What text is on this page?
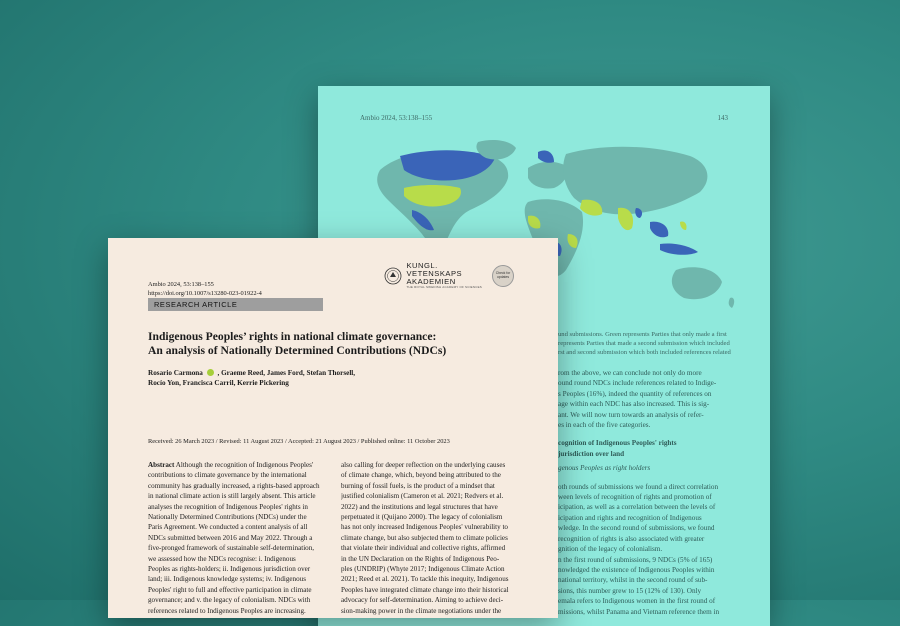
Ambio 2024, 53:138–155	143
und submissions. Green represents Parties that only made a first
represents Parties that made a second submission which included
rst and second submission which both included references related
rom the above, we can conclude not only do more
ound round NDCs include references related to Indige-
s Peoples (16%), indeed the quantity of references on
age within each NDC has also increased. This is sig-
ant. We will now turn towards an analysis of refer-
es in each of the five categories.
cognition of Indigenous Peoples' rights
jurisdiction over land
genous Peoples as right holders
oth rounds of submissions we found a direct correlation
ween levels of recognition of rights and promotion of
icipation, as well as a correlation between the levels of
icipation and rights and recognition of Indigenous
wledge. In the second round of submissions, we found
recognition of rights is also associated with greater
gnition of the legacy of colonialism.
n the first round of submissions, 9 NDCs (5% of 165)
nowledged the existence of Indigenous Peoples within
national territory, whilst in the second round of sub-
sions, this number grew to 15 (12% of 130). Only
emala refers to Indigenous women in the first round of
missions, whilst Panama and Vietnam reference them in
Ambio 2024, 53:138–155
https://doi.org/10.1007/s13280-023-01922-4
KUNGL.
VETENSKAPS
AKADEMIEN
THE ROYAL SWEDISH ACADEMY OF SCIENCES
Check for
updates
RESEARCH ARTICLE
Indigenous Peoples’ rights in national climate governance:
An analysis of Nationally Determined Contributions (NDCs)
Rosario Carmona , Graeme Reed, James Ford, Stefan Thorsell,
Rocío Yon, Francisca Carril, Kerrie Pickering
Received: 26 March 2023 / Revised: 11 August 2023 / Accepted: 21 August 2023 / Published online: 11 October 2023
Abstract Although the recognition of Indigenous Peoples'
contributions to climate governance by the international
community has gradually increased, a rights-based approach
in national climate action is still largely absent. This article
analyses the recognition of Indigenous Peoples' rights in
Nationally Determined Contributions (NDCs) under the
Paris Agreement. We conducted a content analysis of all
NDCs submitted between 2016 and May 2022. Through a
five-pronged framework of sustainable self-determination,
we assessed how the NDCs recognise: i. Indigenous
Peoples as rights-holders; ii. Indigenous jurisdiction over
land; iii. Indigenous knowledge systems; iv. Indigenous
Peoples' right to full and effective participation in climate
governance; and v. the legacy of colonialism. NDCs with
references related to Indigenous Peoples are increasing.
also calling for deeper reflection on the underlying causes
of climate change, which, beyond being attributed to the
burning of fossil fuels, is the product of a mindset that
justified colonialism (Cameron et al. 2021; Redvers et al.
2022) and the institutions and legal structures that have
perpetuated it (Quijano 2000). The legacy of colonialism
has not only increased Indigenous Peoples' vulnerability to
climate change, but also subjected them to climate policies
that violate their individual and collective rights, affirmed
in the UN Declaration on the Rights of Indigenous Peo-
ples (UNDRIP) (Whyte 2017; Indigenous Climate Action
2021; Reed et al. 2021). To tackle this inequity, Indigenous
Peoples have integrated climate change into their historical
advocacy for self-determination. Aiming to achieve deci-
sion-making power in the climate negotiations under the
